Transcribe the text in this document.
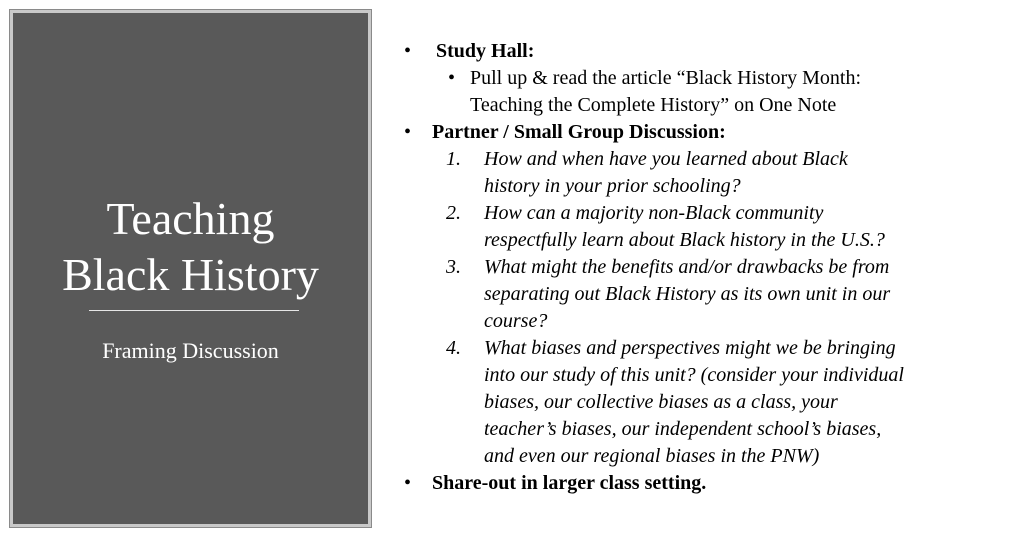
Teaching
Black History
Framing Discussion
• Study Hall:
• Pull up & read the article “Black History Month:
Teaching the Complete History” on One Note
• Partner / Small Group Discussion:
1.	How and when have you learned about Black
history in your prior schooling?
2.	How can a majority non-Black community
respectfully learn about Black history in the U.S.?
3.	What might the benefits and/or drawbacks be from
separating out Black History as its own unit in our
course?
4.	What biases and perspectives might we be bringing
into our study of this unit? (consider your individual
biases, our collective biases as a class, your
teacher’s biases, our independent school’s biases,
and even our regional biases in the PNW)
• Share-out in larger class setting.
